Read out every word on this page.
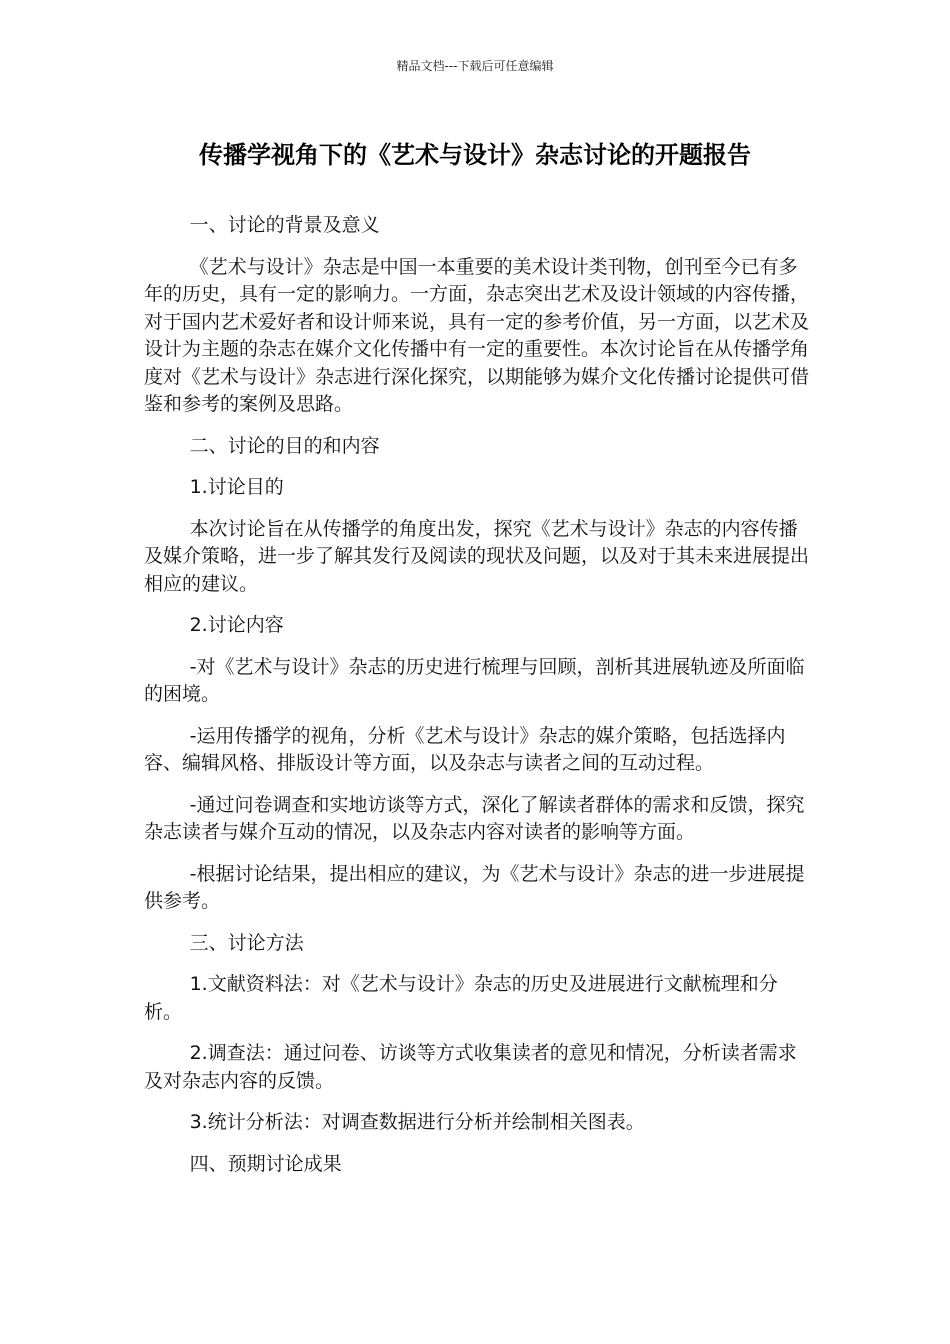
精品文档---下载后可任意编辑
传播学视角下的《艺术与设计》杂志讨论的开题报告

一、讨论的背景及意义

《艺术与设计》杂志是中国一本重要的美术设计类刊物，创刊至今已有多年的历史，具有一定的影响力。一方面，杂志突出艺术及设计领域的内容传播，对于国内艺术爱好者和设计师来说，具有一定的参考价值，另一方面，以艺术及设计为主题的杂志在媒介文化传播中有一定的重要性。本次讨论旨在从传播学角度对《艺术与设计》杂志进行深化探究，以期能够为媒介文化传播讨论提供可借鉴和参考的案例及思路。

二、讨论的目的和内容

1.讨论目的

本次讨论旨在从传播学的角度出发，探究《艺术与设计》杂志的内容传播及媒介策略，进一步了解其发行及阅读的现状及问题，以及对于其未来进展提出相应的建议。

2.讨论内容

-对《艺术与设计》杂志的历史进行梳理与回顾，剖析其进展轨迹及所面临的困境。

-运用传播学的视角，分析《艺术与设计》杂志的媒介策略，包括选择内容、编辑风格、排版设计等方面，以及杂志与读者之间的互动过程。

-通过问卷调查和实地访谈等方式，深化了解读者群体的需求和反馈，探究杂志读者与媒介互动的情况，以及杂志内容对读者的影响等方面。

-根据讨论结果，提出相应的建议，为《艺术与设计》杂志的进一步进展提供参考。

三、讨论方法

1.文献资料法：对《艺术与设计》杂志的历史及进展进行文献梳理和分析。

2.调查法：通过问卷、访谈等方式收集读者的意见和情况，分析读者需求及对杂志内容的反馈。

3.统计分析法：对调查数据进行分析并绘制相关图表。

四、预期讨论成果
